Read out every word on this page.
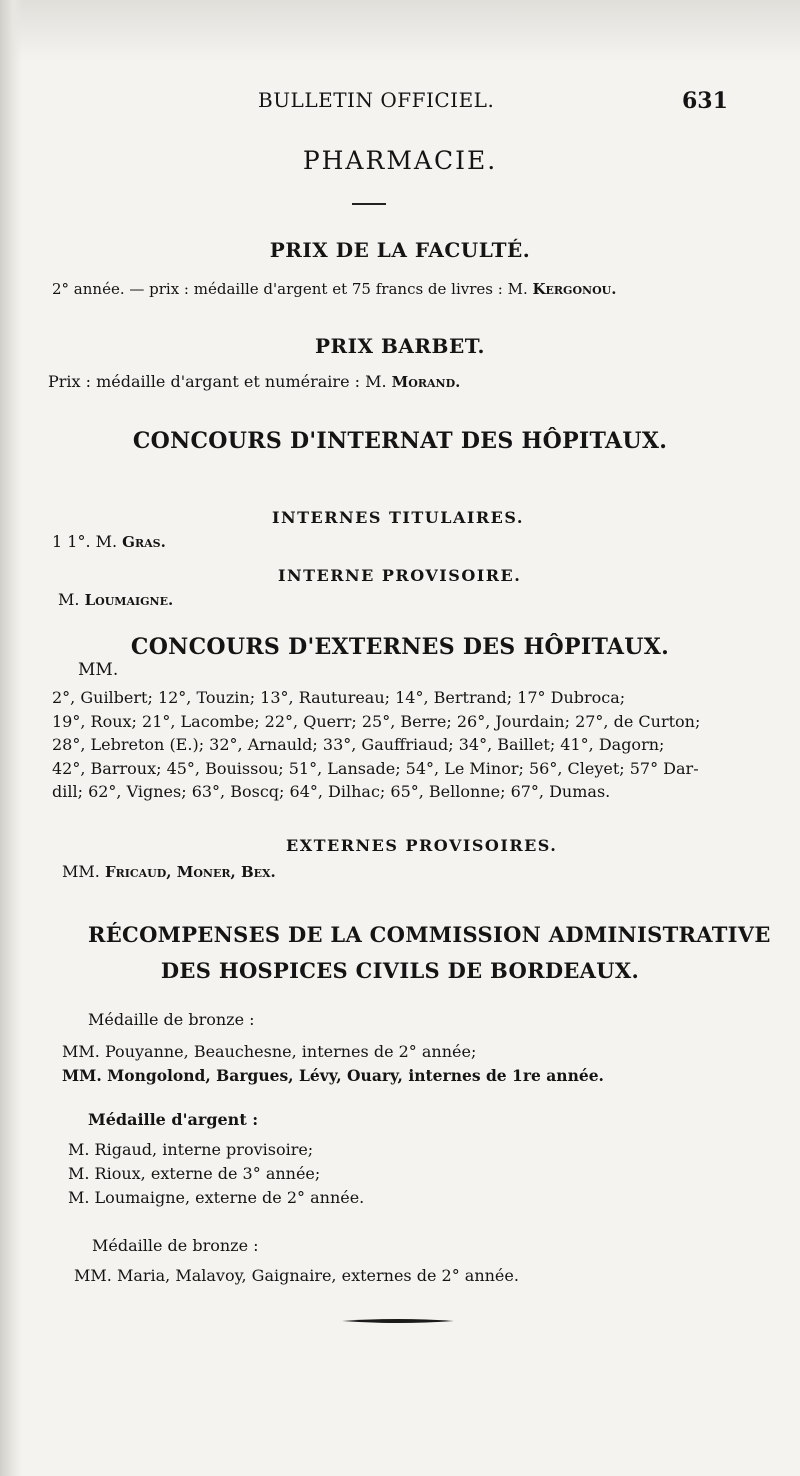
BULLETIN OFFICIEL.	631
PHARMACIE.
PRIX DE LA FACULTÉ.
2° année. — prix : médaille d'argent et 75 francs de livres : M. Kergonou.
PRIX BARBET.
Prix : médaille d'argant et numéraire : M. Morand.
CONCOURS D'INTERNAT DES HÔPITAUX.
INTERNES TITULAIRES.
1 1°. M. Gras.
INTERNE PROVISOIRE.
M. Loumaigne.
CONCOURS D'EXTERNES DES HÔPITAUX.
MM.
2°, Guilbert; 12°, Touzin; 13°, Rautureau; 14°, Bertrand; 17° Dubroca;
19°, Roux; 21°, Lacombe; 22°, Querr; 25°, Berre; 26°, Jourdain; 27°, de Curton;
28°, Lebreton (E.); 32°, Arnauld; 33°, Gauffriaud; 34°, Baillet; 41°, Dagorn;
42°, Barroux; 45°, Bouissou; 51°, Lansade; 54°, Le Minor; 56°, Cleyet; 57° Dar-
dill; 62°, Vignes; 63°, Boscq; 64°, Dilhac; 65°, Bellonne; 67°, Dumas.
EXTERNES PROVISOIRES.
MM. Fricaud, Moner, Bex.
RÉCOMPENSES DE LA COMMISSION ADMINISTRATIVE
DES HOSPICES CIVILS DE BORDEAUX.
Médaille de bronze :
MM. Pouyanne, Beauchesne, internes de 2° année;
MM. Mongolond, Bargues, Lévy, Ouary, internes de 1re année.
Médaille d'argent :
M. Rigaud, interne provisoire;
M. Rioux, externe de 3° année;
M. Loumaigne, externe de 2° année.
Médaille de bronze :
MM. Maria, Malavoy, Gaignaire, externes de 2° année.
